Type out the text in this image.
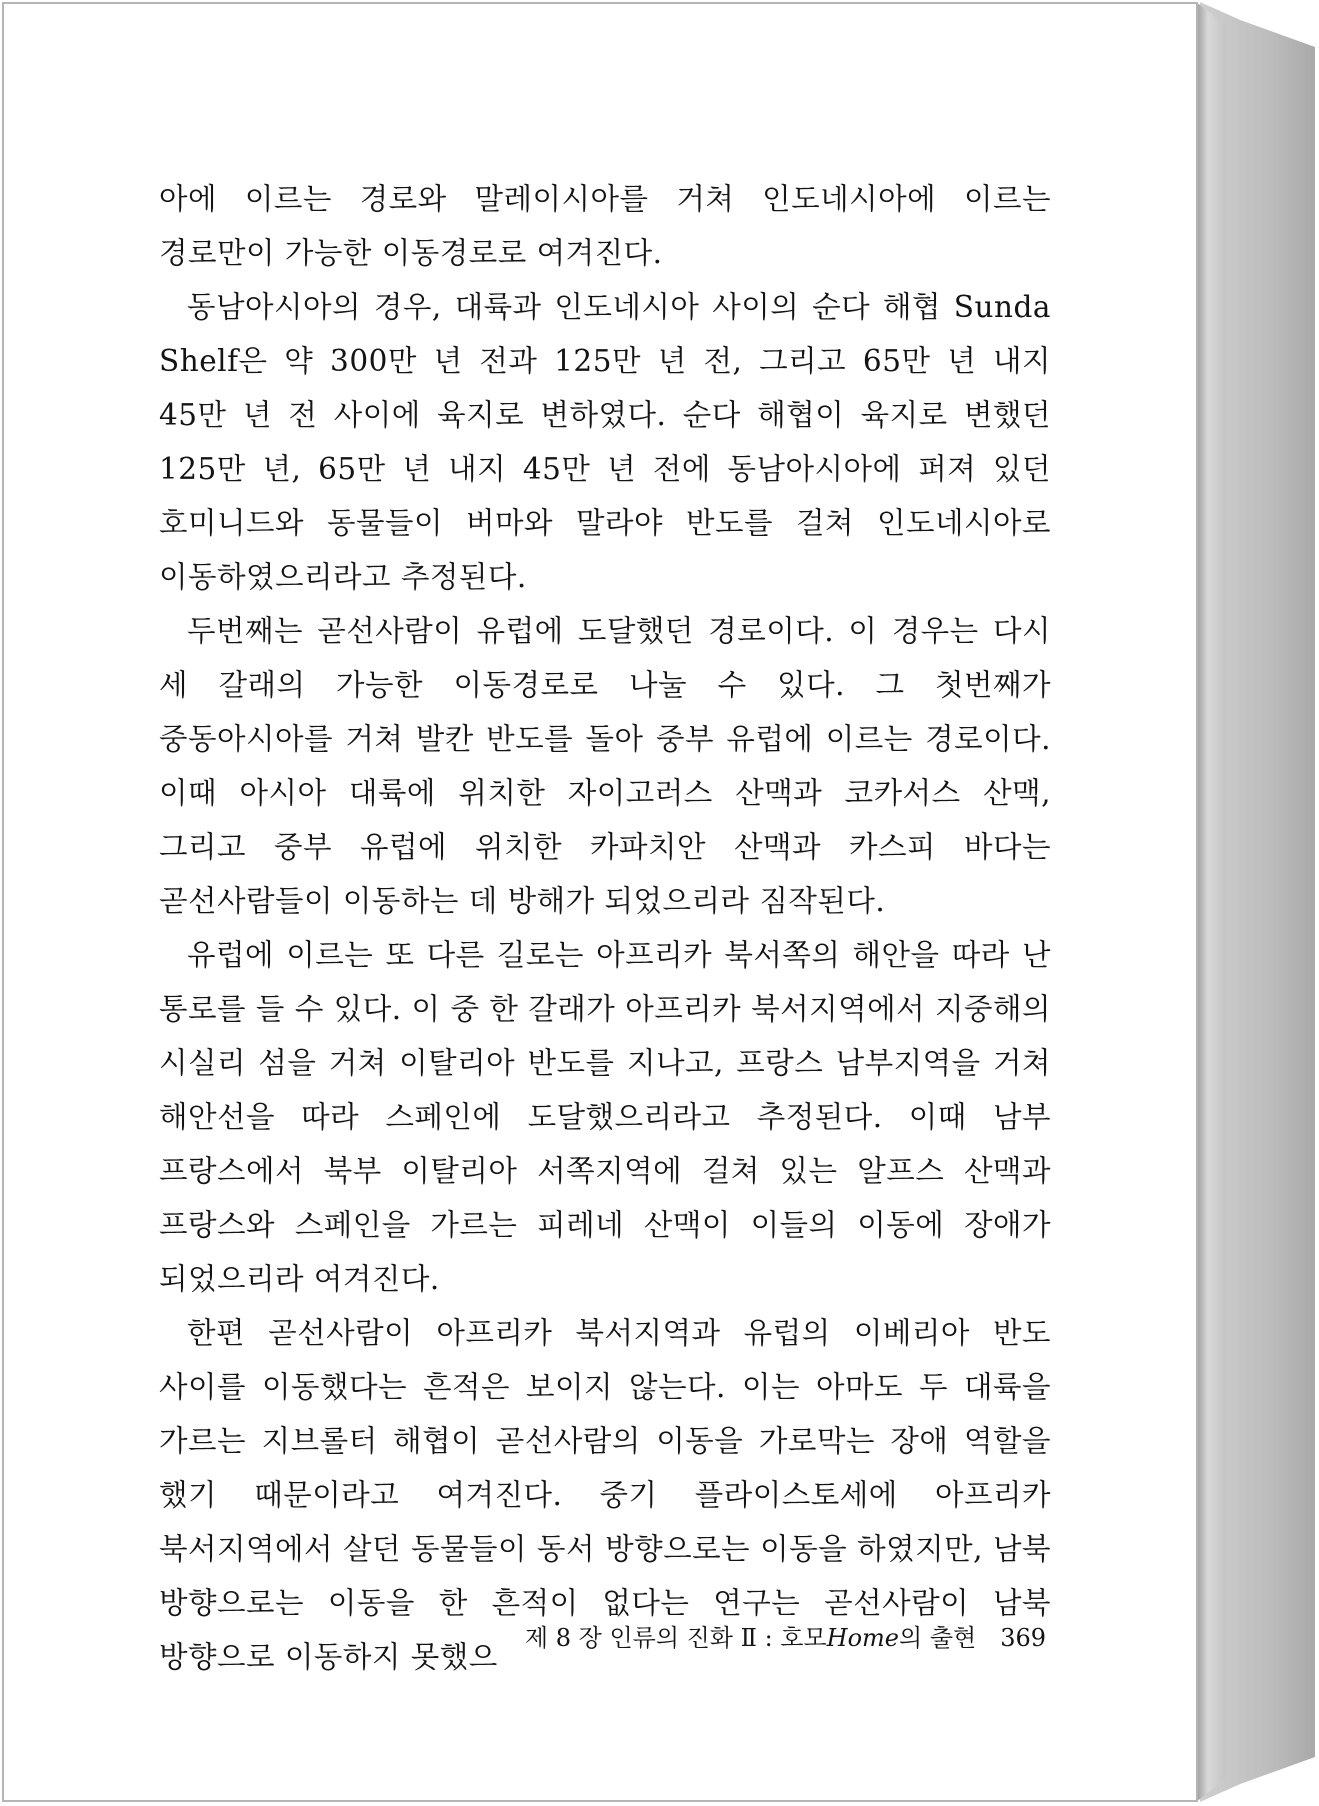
아에 이르는 경로와 말레이시아를 거쳐 인도네시아에 이르는 경로만이 가능한 이동경로로 여겨진다.

동남아시아의 경우, 대륙과 인도네시아 사이의 순다 해협 Sunda Shelf은 약 300만 년 전과 125만 년 전, 그리고 65만 년 내지 45만 년 전 사이에 육지로 변하였다. 순다 해협이 육지로 변했던 125만 년, 65만 년 내지 45만 년 전에 동남아시아에 퍼져 있던 호미니드와 동물들이 버마와 말라야 반도를 걸쳐 인도네시아로 이동하였으리라고 추정된다.

두번째는 곧선사람이 유럽에 도달했던 경로이다. 이 경우는 다시 세 갈래의 가능한 이동경로로 나눌 수 있다. 그 첫번째가 중동아시아를 거쳐 발칸 반도를 돌아 중부 유럽에 이르는 경로이다. 이때 아시아 대륙에 위치한 자이고러스 산맥과 코카서스 산맥, 그리고 중부 유럽에 위치한 카파치안 산맥과 카스피 바다는 곧선사람들이 이동하는 데 방해가 되었으리라 짐작된다.

유럽에 이르는 또 다른 길로는 아프리카 북서쪽의 해안을 따라 난 통로를 들 수 있다. 이 중 한 갈래가 아프리카 북서지역에서 지중해의 시실리 섬을 거쳐 이탈리아 반도를 지나고, 프랑스 남부지역을 거쳐 해안선을 따라 스페인에 도달했으리라고 추정된다. 이때 남부 프랑스에서 북부 이탈리아 서쪽지역에 걸쳐 있는 알프스 산맥과 프랑스와 스페인을 가르는 피레네 산맥이 이들의 이동에 장애가 되었으리라 여겨진다.

한편 곧선사람이 아프리카 북서지역과 유럽의 이베리아 반도 사이를 이동했다는 흔적은 보이지 않는다. 이는 아마도 두 대륙을 가르는 지브롤터 해협이 곧선사람의 이동을 가로막는 장애 역할을 했기 때문이라고 여겨진다. 중기 플라이스토세에 아프리카 북서지역에서 살던 동물들이 동서 방향으로는 이동을 하였지만, 남북 방향으로는 이동을 한 흔적이 없다는 연구는 곧선사람이 남북 방향으로 이동하지 못했으

제 8 장 인류의 진화 Ⅱ : 호모Home의 출현 369
